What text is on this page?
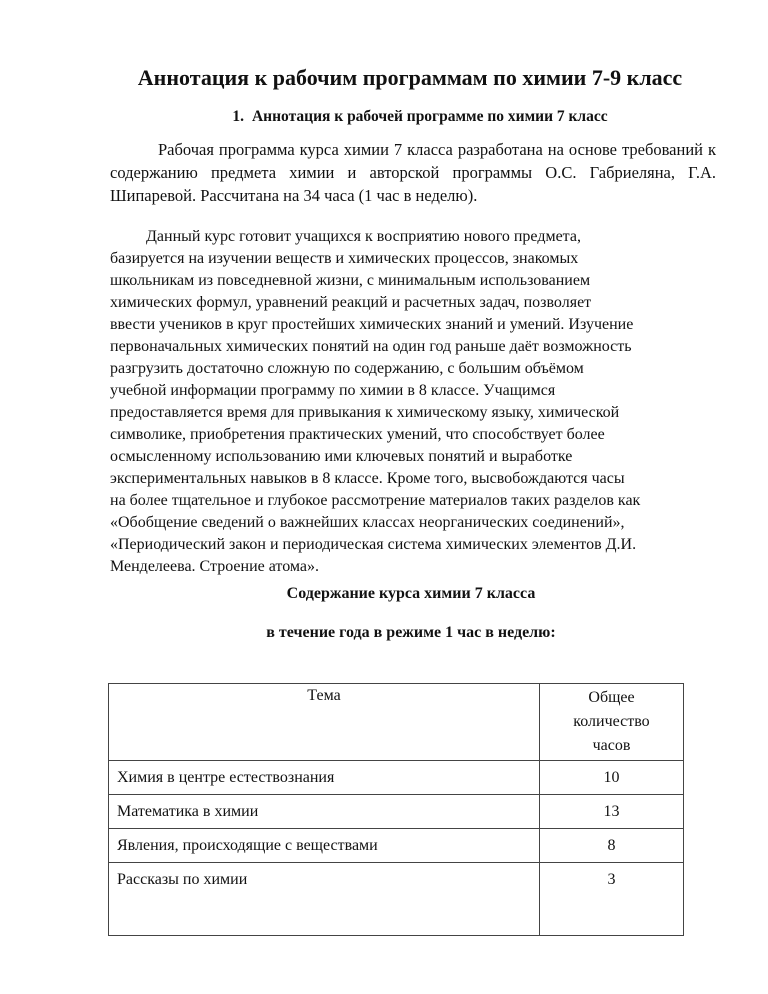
Аннотация к рабочим программам по химии 7-9 класс
1. Аннотация к рабочей программе по химии 7 класс

Рабочая программа курса химии 7 класса разработана на основе требований к содержанию предмета химии и авторской программы О.С. Габриеляна, Г.А. Шипаревой. Рассчитана на 34 часа (1 час в неделю).

Данный курс готовит учащихся к восприятию нового предмета,
базируется на изучении веществ и химических процессов, знакомых
школьникам из повседневной жизни, с минимальным использованием
химических формул, уравнений реакций и расчетных задач, позволяет
ввести учеников в круг простейших химических знаний и умений. Изучение
первоначальных химических понятий на один год раньше даёт возможность
разгрузить достаточно сложную по содержанию, с большим объёмом
учебной информации программу по химии в 8 классе. Учащимся
предоставляется время для привыкания к химическому языку, химической
символике, приобретения практических умений, что способствует более
осмысленному использованию ими ключевых понятий и выработке
экспериментальных навыков в 8 классе. Кроме того, высвобождаются часы
на более тщательное и глубокое рассмотрение материалов таких разделов как
«Обобщение сведений о важнейших классах неорганических соединений»,
«Периодический закон и периодическая система химических элементов Д.И.
Менделеева. Строение атома».

Содержание курса химии 7 класса
в течение года в режиме 1 час в неделю:
Тема	Общее
количество
часов

Химия в центре естествознания	10
Математика в химии	13
Явления, происходящие с веществами	8
Рассказы по химии	3
